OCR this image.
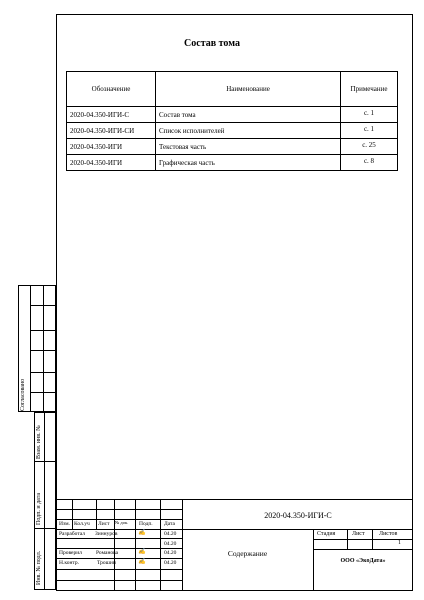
Состав тома
Обозначение	Наименование	Примечание
2020-04.350-ИГИ-С	Состав тома	с. 1
2020-04.350-ИГИ-СИ	Список исполнителей	с. 1
2020-04.350-ИГИ	Текстовая часть	с. 25
2020-04.350-ИГИ	Графическая часть	с. 8
Согласовано
Взам. инв. №
Подп. и дата
Инв. № подл.
2020-04.350-ИГИ-С
Изм. Кол.уч Лист № док. Подп. Дата
Разработал Зиннуров	✍	04.20
04.20
Проверил	Романова	✍	04.20
Н.контр.	Трошин	✍	04.20
Содержание
Стадия	Лист Листов
1
ООО «ЭкоДата»
